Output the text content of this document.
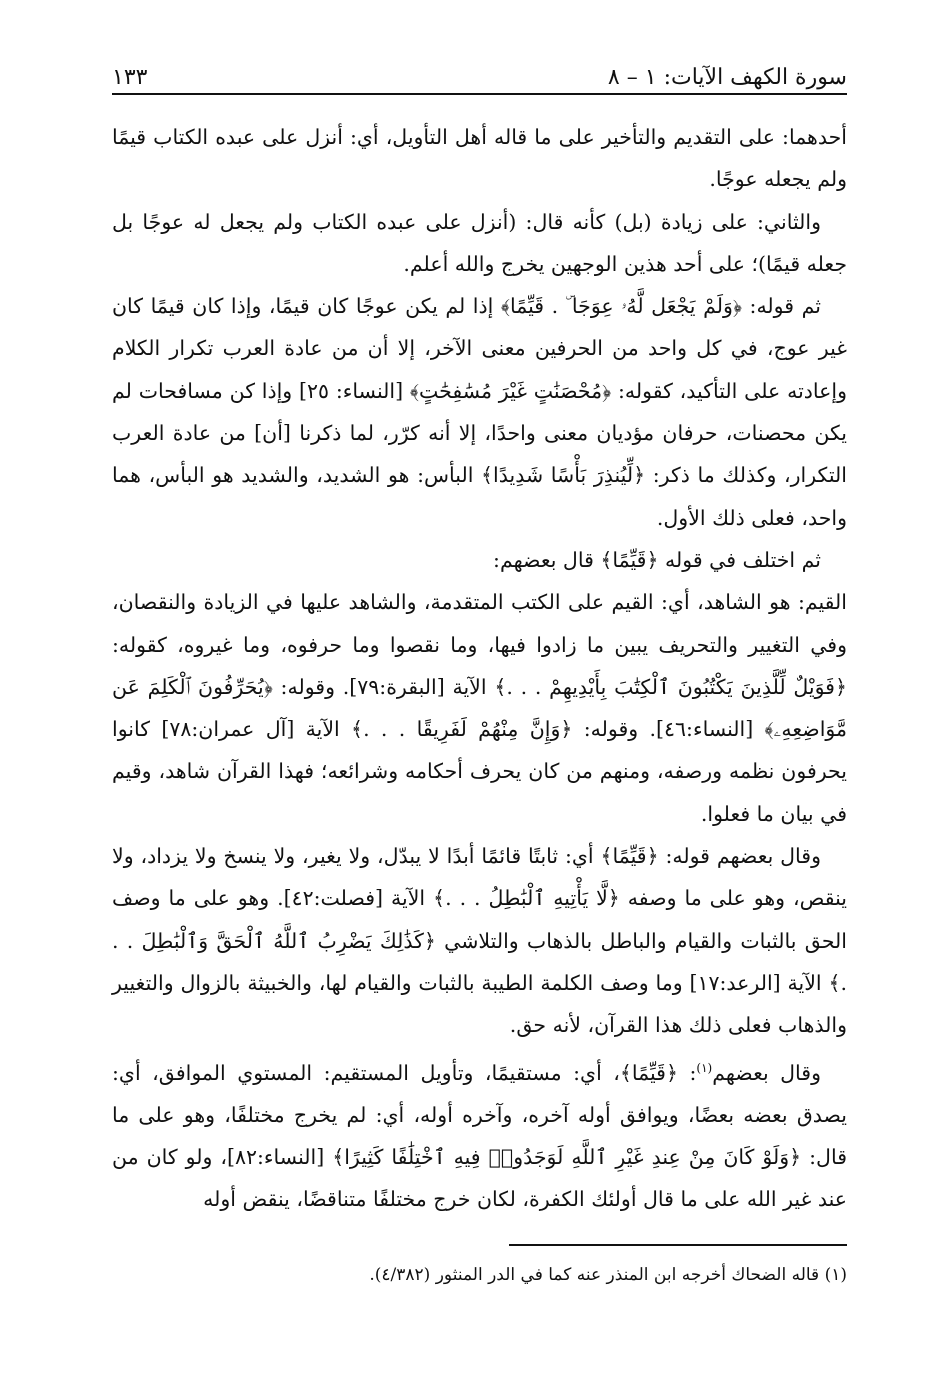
سورة الكهف الآيات: ١ – ٨
١٣٣

أحدهما: على التقديم والتأخير على ما قاله أهل التأويل، أي: أنزل على عبده الكتاب قيمًا ولم يجعله عوجًا.

والثاني: على زيادة (بل) كأنه قال: (أنزل على عبده الكتاب ولم يجعل له عوجًا بل جعله قيمًا)؛ على أحد هذين الوجهين يخرج والله أعلم.

ثم قوله: ﴿وَلَمْ يَجْعَل لَّهُۥ عِوَجَا ۜ . قَيِّمًا﴾ إذا لم يكن عوجًا كان قيمًا، وإذا كان قيمًا كان غير عوج، في كل واحد من الحرفين معنى الآخر، إلا أن من عادة العرب تكرار الكلام وإعادته على التأكيد، كقوله: ﴿مُحْصَنَٰتٍ غَيْرَ مُسَٰفِحَٰتٍ﴾ [النساء: ٢٥] وإذا كن مسافحات لم يكن محصنات، حرفان مؤديان معنى واحدًا، إلا أنه كرّر، لما ذكرنا [أن] من عادة العرب التكرار، وكذلك ما ذكر: ﴿لِّيُنذِرَ بَأْسًا شَدِيدًا﴾ البأس: هو الشديد، والشديد هو البأس، هما واحد، فعلى ذلك الأول.

ثم اختلف في قوله ﴿قَيِّمًا﴾ قال بعضهم:

القيم: هو الشاهد، أي: القيم على الكتب المتقدمة، والشاهد عليها في الزيادة والنقصان، وفي التغيير والتحريف يبين ما زادوا فيها، وما نقصوا وما حرفوه، وما غيروه، كقوله: ﴿فَوَيْلٌ لِّلَّذِينَ يَكْتُبُونَ ٱلْكِتَٰبَ بِأَيْدِيهِمْ . . .﴾ الآية [البقرة:٧٩]. وقوله: ﴿يُحَرِّفُونَ ٱلْكَلِمَ عَن مَّوَاضِعِهِۦ﴾ [النساء:٤٦]. وقوله: ﴿وَإِنَّ مِنْهُمْ لَفَرِيقًا . . .﴾ الآية [آل عمران:٧٨] كانوا يحرفون نظمه ورصفه، ومنهم من كان يحرف أحكامه وشرائعه؛ فهذا القرآن شاهد، وقيم في بيان ما فعلوا.

وقال بعضهم قوله: ﴿قَيِّمًا﴾ أي: ثابتًا قائمًا أبدًا لا يبدّل، ولا يغير، ولا ينسخ ولا يزداد، ولا ينقص، وهو على ما وصفه ﴿لَّا يَأْتِيهِ ٱلْبَٰطِلُ . . .﴾ الآية [فصلت:٤٢]. وهو على ما وصف الحق بالثبات والقيام والباطل بالذهاب والتلاشي ﴿كَذَٰلِكَ يَضْرِبُ ٱللَّهُ ٱلْحَقَّ وَٱلْبَٰطِلَ . . .﴾ الآية [الرعد:١٧] وما وصف الكلمة الطيبة بالثبات والقيام لها، والخبيثة بالزوال والتغيير والذهاب فعلى ذلك هذا القرآن، لأنه حق.

وقال بعضهم$^{(١)}$: ﴿قَيِّمًا﴾، أي: مستقيمًا، وتأويل المستقيم: المستوي الموافق، أي: يصدق بعضه بعضًا، ويوافق أوله آخره، وآخره أوله، أي: لم يخرج مختلفًا، وهو على ما قال: ﴿وَلَوْ كَانَ مِنْ عِندِ غَيْرِ ٱللَّهِ لَوَجَدُوا۟ فِيهِ ٱخْتِلَٰفًا كَثِيرًا﴾ [النساء:٨٢]، ولو كان من عند غير الله على ما قال أولئك الكفرة، لكان خرج مختلفًا متناقضًا، ينقض أوله

(١) قاله الضحاك أخرجه ابن المنذر عنه كما في الدر المنثور (٤/٣٨٢).
